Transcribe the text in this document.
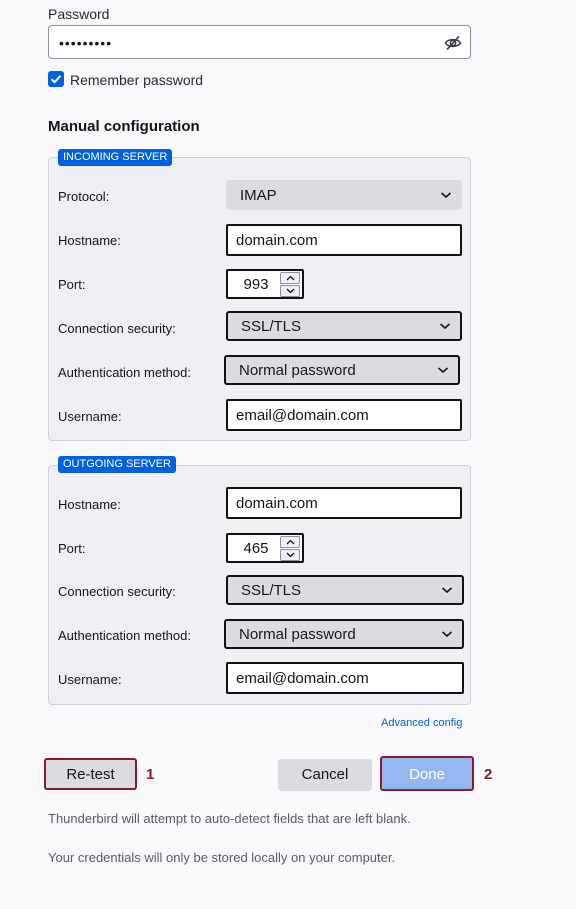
Password
•••••••••
Remember password
Manual configuration
INCOMING SERVER
Protocol:	IMAP
Hostname:	domain.com
Port:	993
Connection security:	SSL/TLS
Authentication method:	Normal password
Username:	email@domain.com
OUTGOING SERVER
Hostname:	domain.com
Port:	465
Connection security:	SSL/TLS
Authentication method:	Normal password
Username:	email@domain.com
Advanced config
Re-test	1	Cancel	Done	2
Thunderbird will attempt to auto-detect fields that are left blank.
Your credentials will only be stored locally on your computer.
